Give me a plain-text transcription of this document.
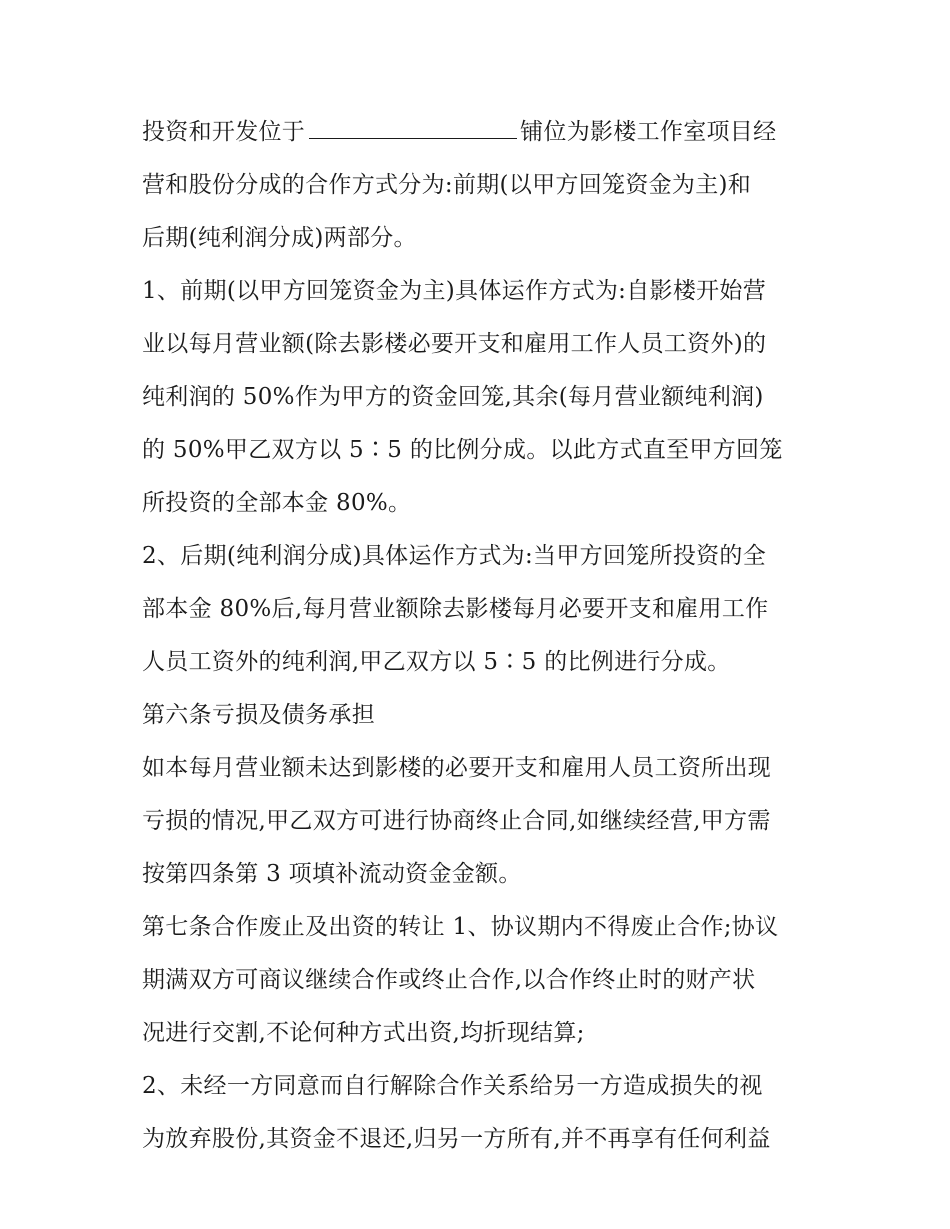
投资和开发位于	铺位为影楼工作室项目经
营和股份分成的合作方式分为:前期(以甲方回笼资金为主)和
后期(纯利润分成)两部分。
1、前期(以甲方回笼资金为主)具体运作方式为:自影楼开始营
业以每月营业额(除去影楼必要开支和雇用工作人员工资外)的
纯利润的 50%作为甲方的资金回笼,其余(每月营业额纯利润)
的 50%甲乙双方以 5∶5 的比例分成。以此方式直至甲方回笼
所投资的全部本金 80%。
2、后期(纯利润分成)具体运作方式为:当甲方回笼所投资的全
部本金 80%后,每月营业额除去影楼每月必要开支和雇用工作
人员工资外的纯利润,甲乙双方以 5∶5 的比例进行分成。
第六条亏损及债务承担
如本每月营业额未达到影楼的必要开支和雇用人员工资所出现
亏损的情况,甲乙双方可进行协商终止合同,如继续经营,甲方需
按第四条第 3 项填补流动资金金额。
第七条合作废止及出资的转让 1、协议期内不得废止合作;协议
期满双方可商议继续合作或终止合作,以合作终止时的财产状
况进行交割,不论何种方式出资,均折现结算;
2、未经一方同意而自行解除合作关系给另一方造成损失的视
为放弃股份,其资金不退还,归另一方所有,并不再享有任何利益
